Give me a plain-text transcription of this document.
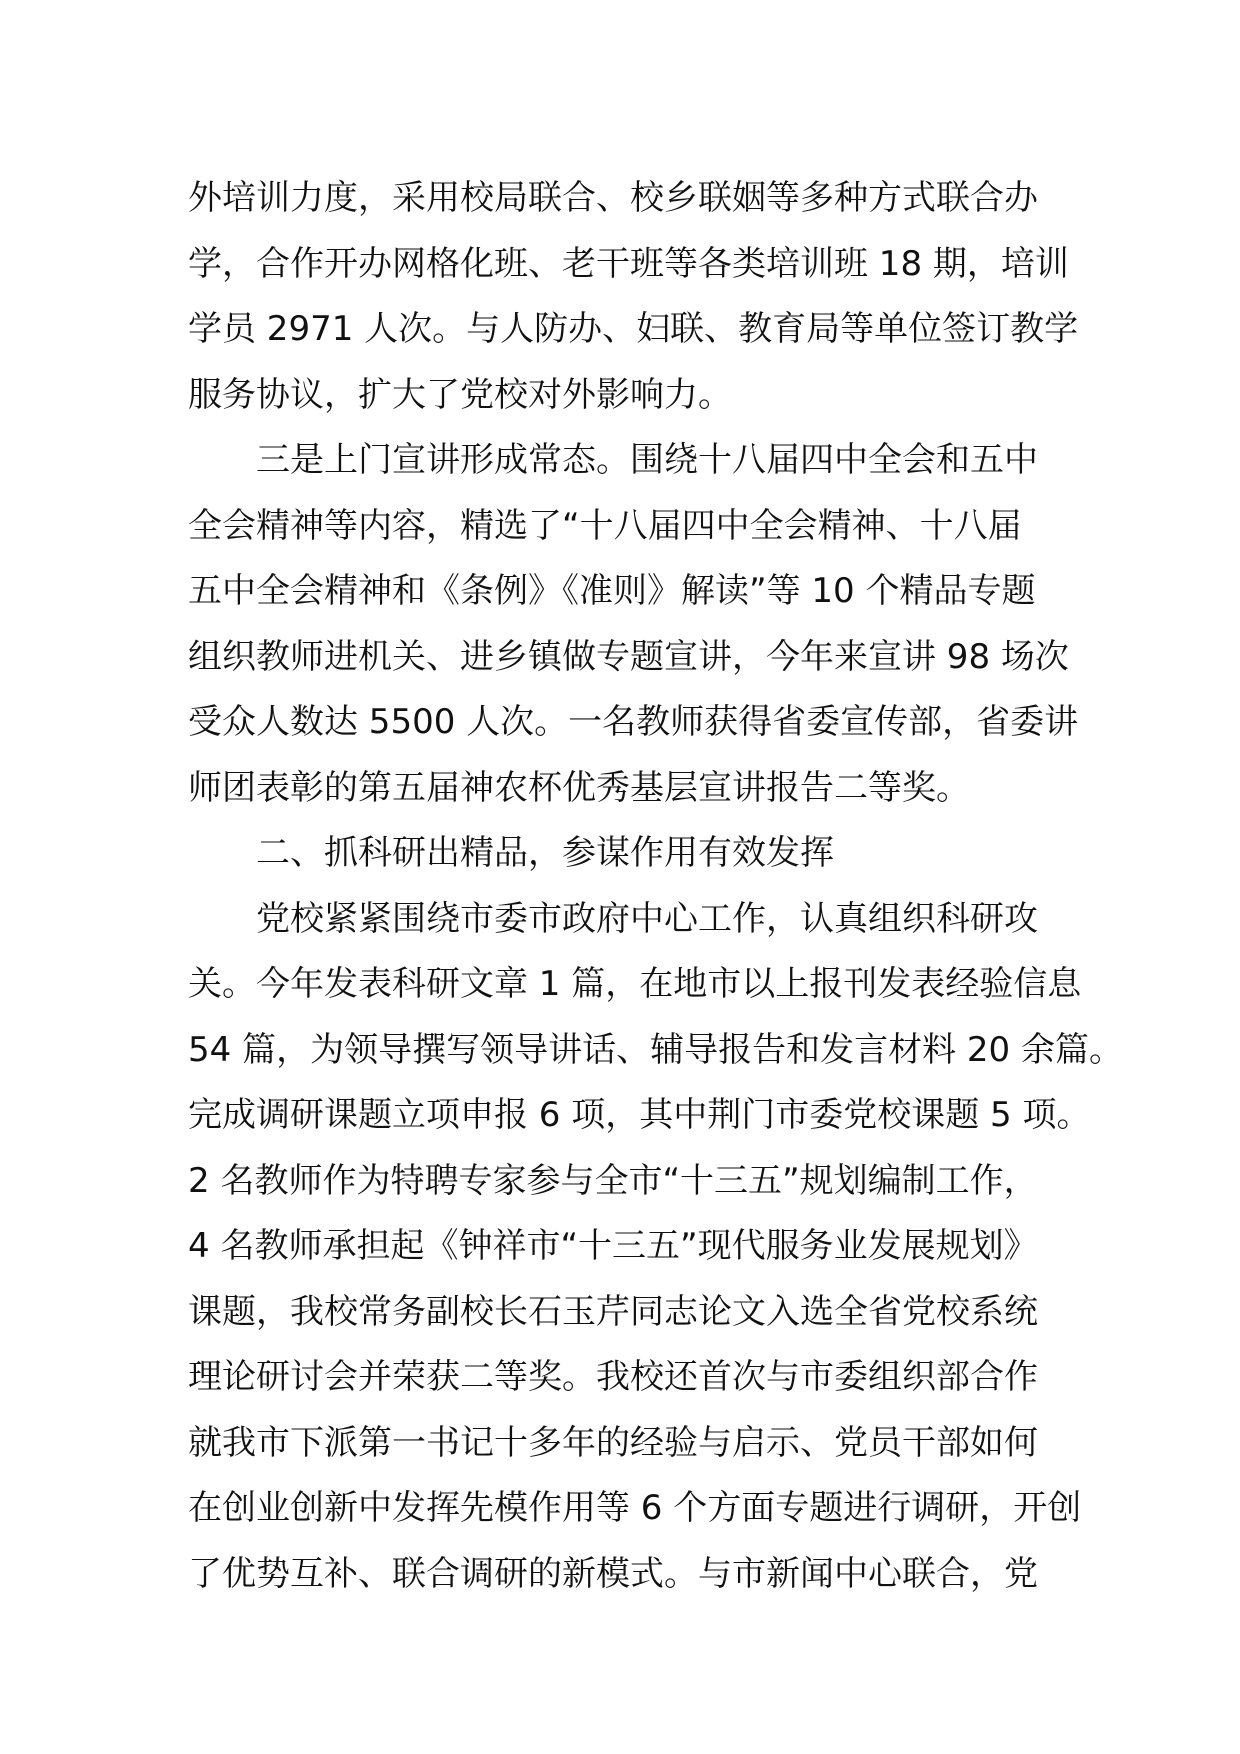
外培训力度，采用校局联合、校乡联姻等多种方式联合办
学，合作开办网格化班、老干班等各类培训班 18 期，培训
学员 2971 人次。与人防办、妇联、教育局等单位签订教学
服务协议，扩大了党校对外影响力。
三是上门宣讲形成常态。围绕十八届四中全会和五中
全会精神等内容，精选了“十八届四中全会精神、十八届
五中全会精神和《条例》《准则》解读”等 10 个精品专题
组织教师进机关、进乡镇做专题宣讲，今年来宣讲 98 场次
受众人数达 5500 人次。一名教师获得省委宣传部，省委讲
师团表彰的第五届神农杯优秀基层宣讲报告二等奖。
二、抓科研出精品，参谋作用有效发挥
党校紧紧围绕市委市政府中心工作，认真组织科研攻
关。今年发表科研文章 1 篇，在地市以上报刊发表经验信息
54 篇，为领导撰写领导讲话、辅导报告和发言材料 20 余篇。
完成调研课题立项申报 6 项，其中荆门市委党校课题 5 项。
2 名教师作为特聘专家参与全市“十三五”规划编制工作，
4 名教师承担起《钟祥市“十三五”现代服务业发展规划》
课题，我校常务副校长石玉芹同志论文入选全省党校系统
理论研讨会并荣获二等奖。我校还首次与市委组织部合作
就我市下派第一书记十多年的经验与启示、党员干部如何
在创业创新中发挥先模作用等 6 个方面专题进行调研，开创
了优势互补、联合调研的新模式。与市新闻中心联合，党
